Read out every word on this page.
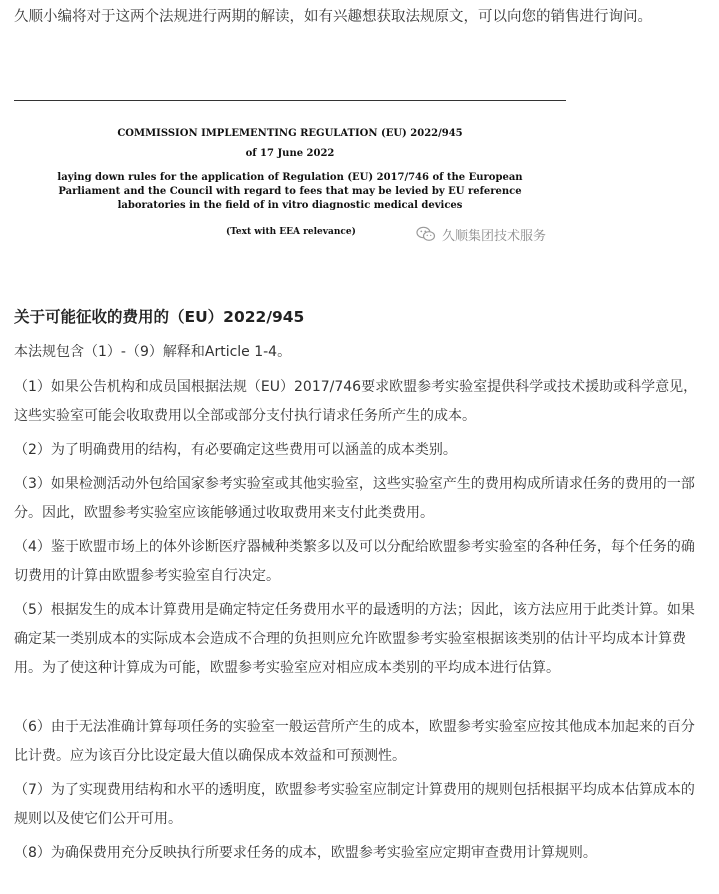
久顺小编将对于这两个法规进行两期的解读，如有兴趣想获取法规原文，可以向您的销售进行询问。

COMMISSION IMPLEMENTING REGULATION (EU) 2022/945
of 17 June 2022
laying down rules for the application of Regulation (EU) 2017/746 of the European Parliament and the Council with regard to fees that may be levied by EU reference laboratories in the field of in vitro diagnostic medical devices
(Text with EEA relevance)	久顺集团技术服务
关于可能征收的费用的（EU）2022/945

本法规包含（1）-（9）解释和Article 1-4。

（1）如果公告机构和成员国根据法规（EU）2017/746要求欧盟参考实验室提供科学或技术援助或科学意见，这些实验室可能会收取费用以全部或部分支付执行请求任务所产生的成本。

（2）为了明确费用的结构，有必要确定这些费用可以涵盖的成本类别。

（3）如果检测活动外包给国家参考实验室或其他实验室，这些实验室产生的费用构成所请求任务的费用的一部分。因此，欧盟参考实验室应该能够通过收取费用来支付此类费用。

（4）鉴于欧盟市场上的体外诊断医疗器械种类繁多以及可以分配给欧盟参考实验室的各种任务，每个任务的确切费用的计算由欧盟参考实验室自行决定。

（5）根据发生的成本计算费用是确定特定任务费用水平的最透明的方法；因此，该方法应用于此类计算。如果确定某一类别成本的实际成本会造成不合理的负担则应允许欧盟参考实验室根据该类别的估计平均成本计算费用。为了使这种计算成为可能，欧盟参考实验室应对相应成本类别的平均成本进行估算。

（6）由于无法准确计算每项任务的实验室一般运营所产生的成本，欧盟参考实验室应按其他成本加起来的百分比计费。应为该百分比设定最大值以确保成本效益和可预测性。

（7）为了实现费用结构和水平的透明度，欧盟参考实验室应制定计算费用的规则包括根据平均成本估算成本的规则以及使它们公开可用。

（8）为确保费用充分反映执行所要求任务的成本，欧盟参考实验室应定期审查费用计算规则。
